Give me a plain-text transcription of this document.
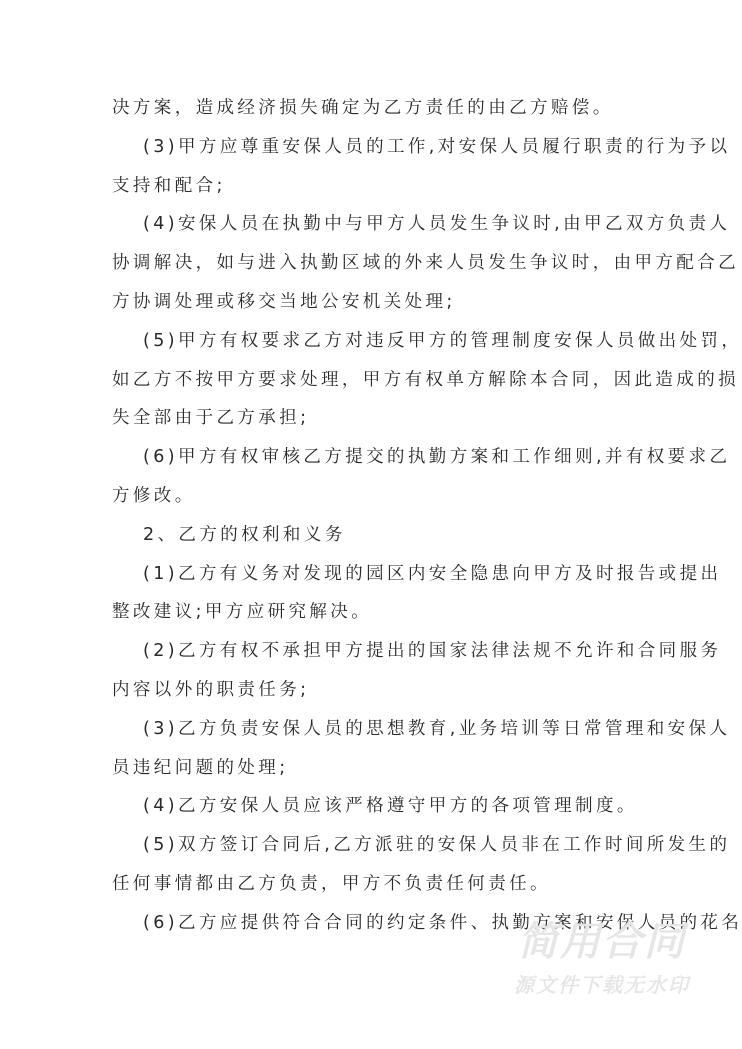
决方案，造成经济损失确定为乙方责任的由乙方赔偿。
(3)甲方应尊重安保人员的工作,对安保人员履行职责的行为予以
支持和配合;
(4)安保人员在执勤中与甲方人员发生争议时,由甲乙双方负责人
协调解决，如与进入执勤区域的外来人员发生争议时，由甲方配合乙
方协调处理或移交当地公安机关处理;
(5)甲方有权要求乙方对违反甲方的管理制度安保人员做出处罚，
如乙方不按甲方要求处理，甲方有权单方解除本合同，因此造成的损
失全部由于乙方承担;
(6)甲方有权审核乙方提交的执勤方案和工作细则,并有权要求乙
方修改。
2、乙方的权利和义务
(1)乙方有义务对发现的园区内安全隐患向甲方及时报告或提出
整改建议;甲方应研究解决。
(2)乙方有权不承担甲方提出的国家法律法规不允许和合同服务
内容以外的职责任务;
(3)乙方负责安保人员的思想教育,业务培训等日常管理和安保人
员违纪问题的处理;
(4)乙方安保人员应该严格遵守甲方的各项管理制度。
(5)双方签订合同后,乙方派驻的安保人员非在工作时间所发生的
任何事情都由乙方负责，甲方不负责任何责任。
(6)乙方应提供符合合同的约定条件、执勤方案和安保人员的花名
简用合同
源文件下载无水印
